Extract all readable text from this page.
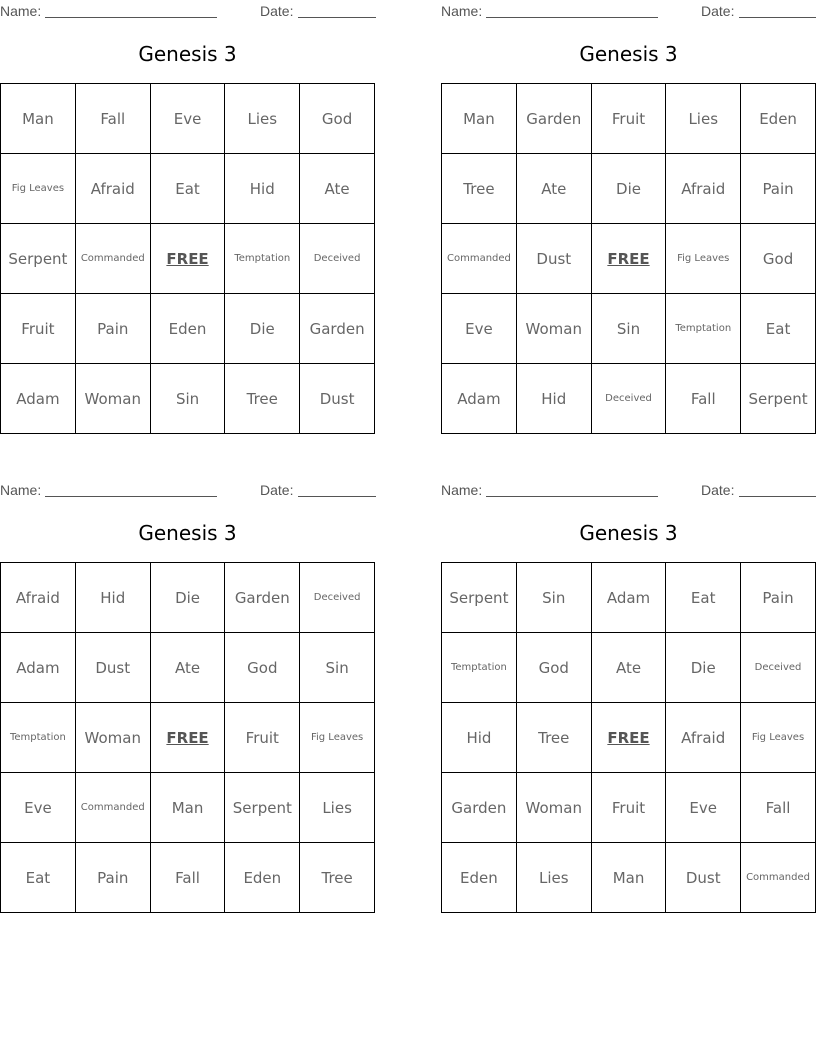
Name:	Date:
Genesis 3
Man	Fall	Eve	Lies	God
Fig Leaves	Afraid	Eat	Hid	Ate
Serpent	Commanded	FREE	Temptation	Deceived
Fruit	Pain	Eden	Die	Garden
Adam	Woman	Sin	Tree	Dust
Name:	Date:
Genesis 3
Man	Garden	Fruit	Lies	Eden
Tree	Ate	Die	Afraid	Pain
Commanded	Dust	FREE	Fig Leaves	God
Eve	Woman	Sin	Temptation	Eat
Adam	Hid	Deceived	Fall	Serpent
Name:	Date:
Genesis 3
Afraid	Hid	Die	Garden	Deceived
Adam	Dust	Ate	God	Sin
Temptation	Woman	FREE	Fruit	Fig Leaves
Eve	Commanded	Man	Serpent	Lies
Eat	Pain	Fall	Eden	Tree
Name:	Date:
Genesis 3
Serpent	Sin	Adam	Eat	Pain
Temptation	God	Ate	Die	Deceived
Hid	Tree	FREE	Afraid	Fig Leaves
Garden	Woman	Fruit	Eve	Fall
Eden	Lies	Man	Dust	Commanded
